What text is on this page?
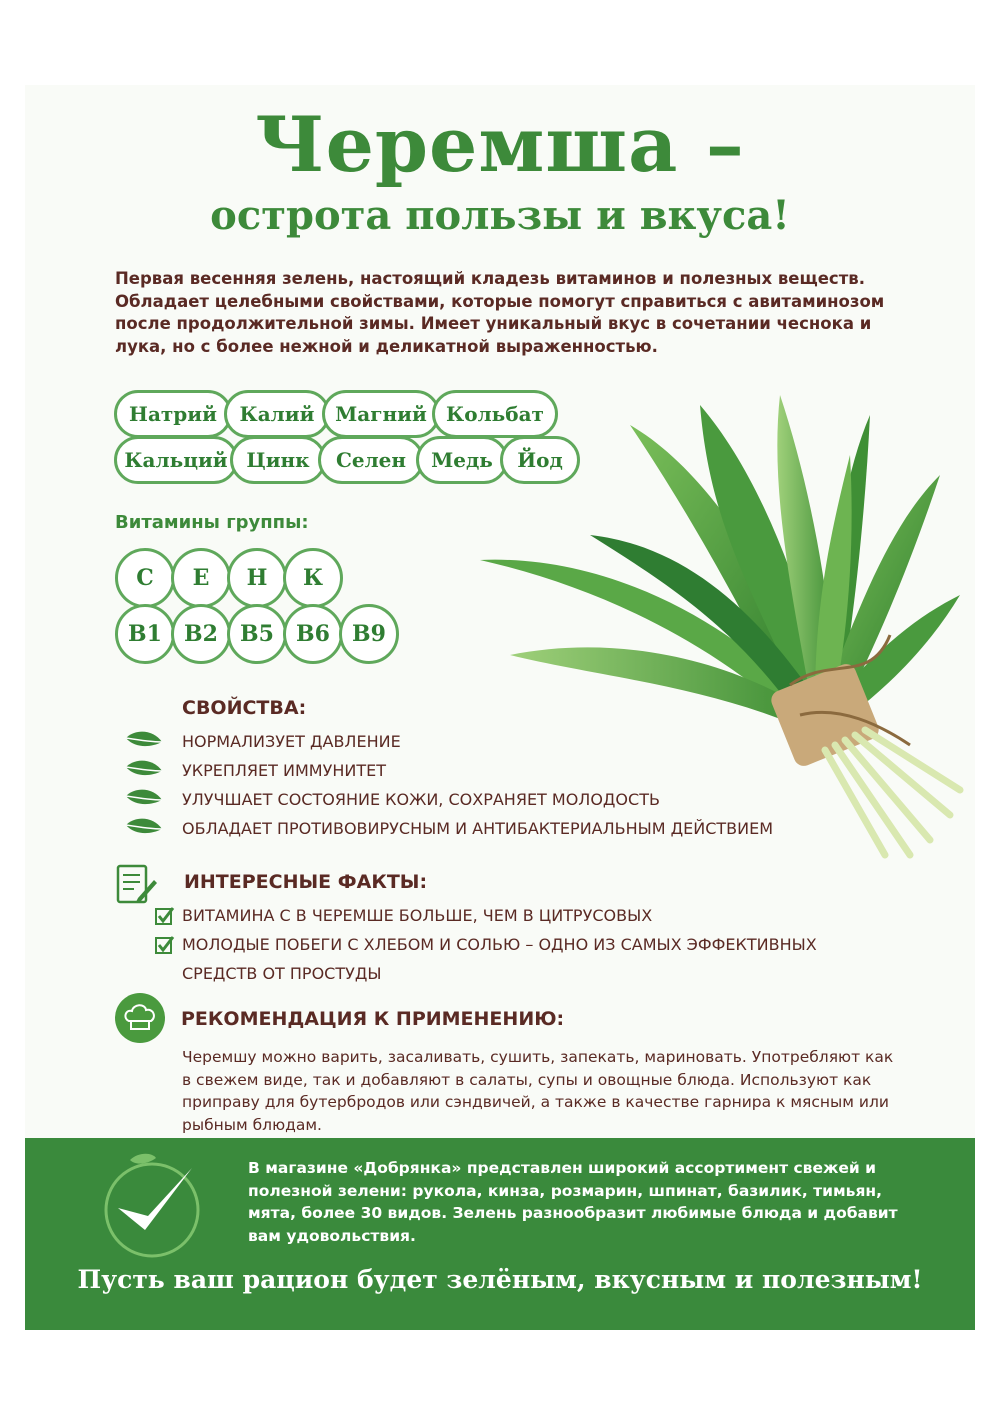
Черемша –
острота пользы и вкуса!

Первая весенняя зелень, настоящий кладезь витаминов и полезных веществ. Обладает целебными свойствами, которые помогут справиться с авитаминозом после продолжительной зимы. Имеет уникальный вкус в сочетании чеснока и лука, но с более нежной и деликатной выраженностью.

Натрий	Калий	Магний Кольбат
Кальций Цинк	Селен	Медь	Йод

Витамины группы:

С	Е	Н	К
В1	В2	В5	В6	В9

СВОЙСТВА:

НОРМАЛИЗУЕТ ДАВЛЕНИЕ

УКРЕПЛЯЕТ ИММУНИТЕТ

УЛУЧШАЕТ СОСТОЯНИЕ КОЖИ, СОХРАНЯЕТ МОЛОДОСТЬ

ОБЛАДАЕТ ПРОТИВОВИРУСНЫМ И АНТИБАКТЕРИАЛЬНЫМ ДЕЙСТВИЕМ

ИНТЕРЕСНЫЕ ФАКТЫ:

ВИТАМИНА С В ЧЕРЕМШЕ БОЛЬШЕ, ЧЕМ В ЦИТРУСОВЫХ

МОЛОДЫЕ ПОБЕГИ С ХЛЕБОМ И СОЛЬЮ – ОДНО ИЗ САМЫХ ЭФФЕКТИВНЫХ

СРЕДСТВ ОТ ПРОСТУДЫ

РЕКОМЕНДАЦИЯ К ПРИМЕНЕНИЮ:

Черемшу можно варить, засаливать, сушить, запекать, мариновать. Употребляют как в свежем виде, так и добавляют в салаты, супы и овощные блюда. Используют как приправу для бутербродов или сэндвичей, а также в качестве гарнира к мясным или рыбным блюдам.

В магазине «Добрянка» представлен широкий ассортимент свежей и полезной зелени: рукола, кинза, розмарин, шпинат, базилик, тимьян, мята, более 30 видов. Зелень разнообразит любимые блюда и добавит вам удовольствия.

Пусть ваш рацион будет зелёным, вкусным и полезным!
